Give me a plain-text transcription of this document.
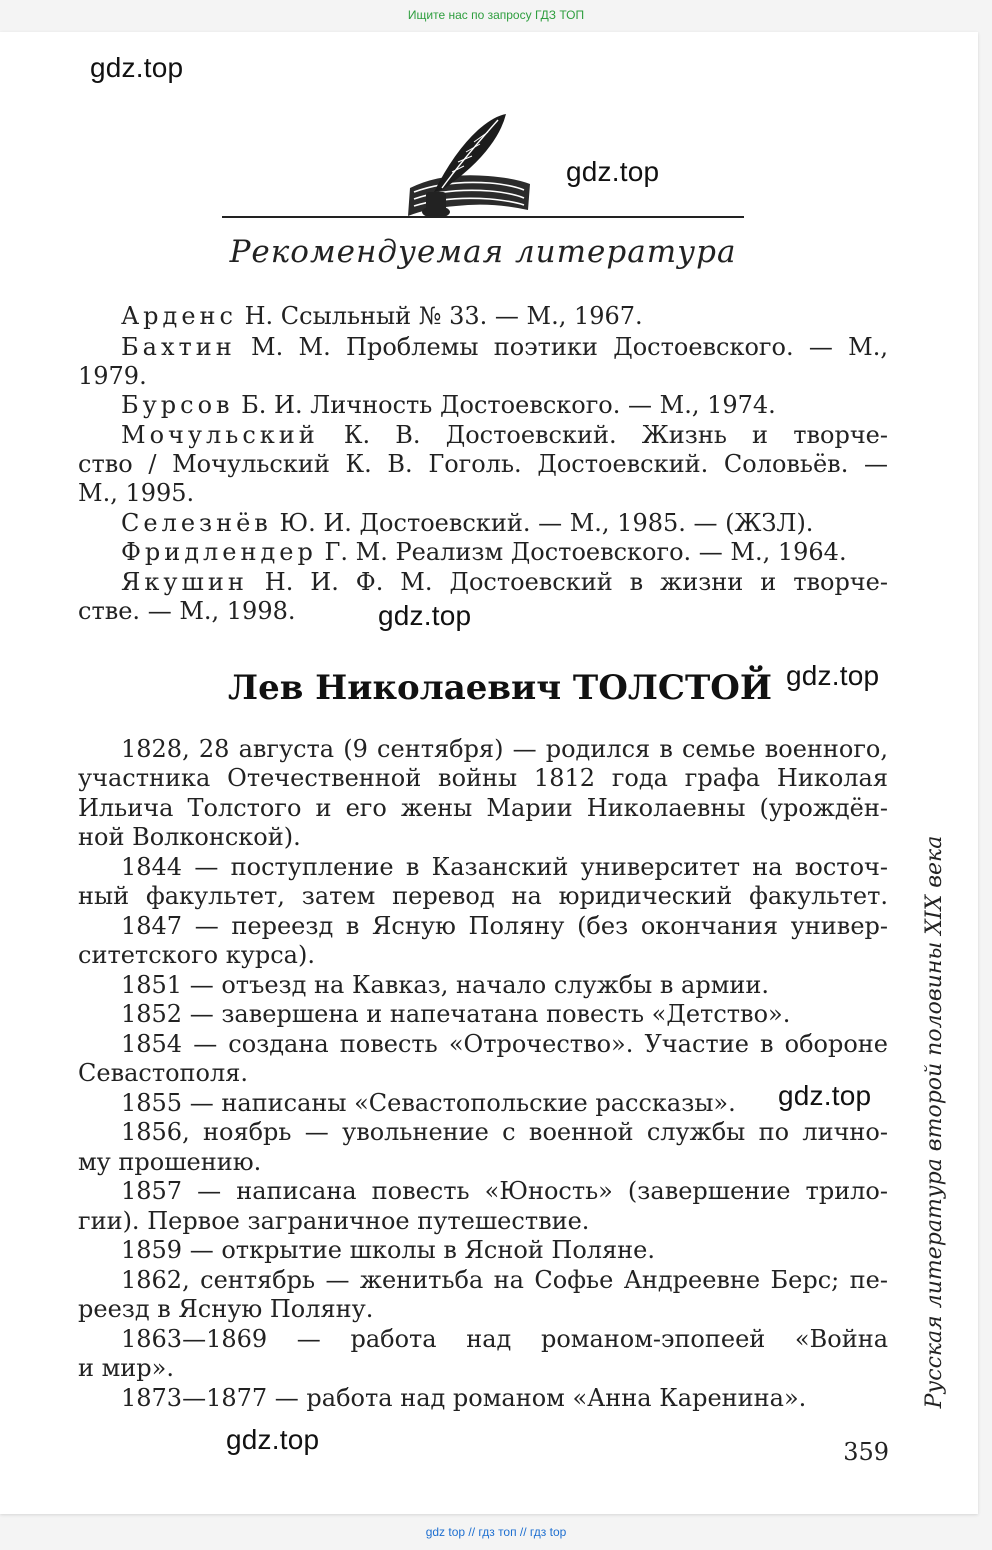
Ищите нас по запросу ГДЗ ТОП
gdz.top
gdz.top
gdz.top
gdz.top
gdz.top
gdz.top
Рекомендуемая литература

Арденс Н. Ссыльный № 33. — М., 1967.

Бахтин М. М. Проблемы поэтики Достоевского. — М.,

1979.

Бурсов Б. И. Личность Достоевского. — М., 1974.

Мочульский К. В. Достоевский. Жизнь и творче-

ство / Мочульский К. В. Гоголь. Достоевский. Соловьёв. —

М., 1995.

Селезнёв Ю. И. Достоевский. — М., 1985. — (ЖЗЛ).

Фридлендер Г. М. Реализм Достоевского. — М., 1964.

Якушин Н. И. Ф. М. Достоевский в жизни и творче-

стве. — М., 1998.

Лев Николаевич ТОЛСТОЙ

1828, 28 августа (9 сентября) — родился в семье военного,

участника Отечественной войны 1812 года графа Николая

Ильича Толстого и его жены Марии Николаевны (урождён-

ной Волконской).

1844 — поступление в Казанский университет на восточ-

ный факультет, затем перевод на юридический факультет.

1847 — переезд в Ясную Поляну (без окончания универ-

ситетского курса).

1851 — отъезд на Кавказ, начало службы в армии.

1852 — завершена и напечатана повесть «Детство».

1854 — создана повесть «Отрочество». Участие в обороне

Севастополя.

1855 — написаны «Севастопольские рассказы».

1856, ноябрь — увольнение с военной службы по лично-

му прошению.

1857 — написана повесть «Юность» (завершение трило-

гии). Первое заграничное путешествие.

1859 — открытие школы в Ясной Поляне.

1862, сентябрь — женитьба на Софье Андреевне Берс; пе-

реезд в Ясную Поляну.

1863—1869 — работа над романом-эпопеей «Война

и мир».

1873—1877 — работа над романом «Анна Каренина».	Русская литература второй половины XIX века
359
gdz top // гдз топ // гдз top
